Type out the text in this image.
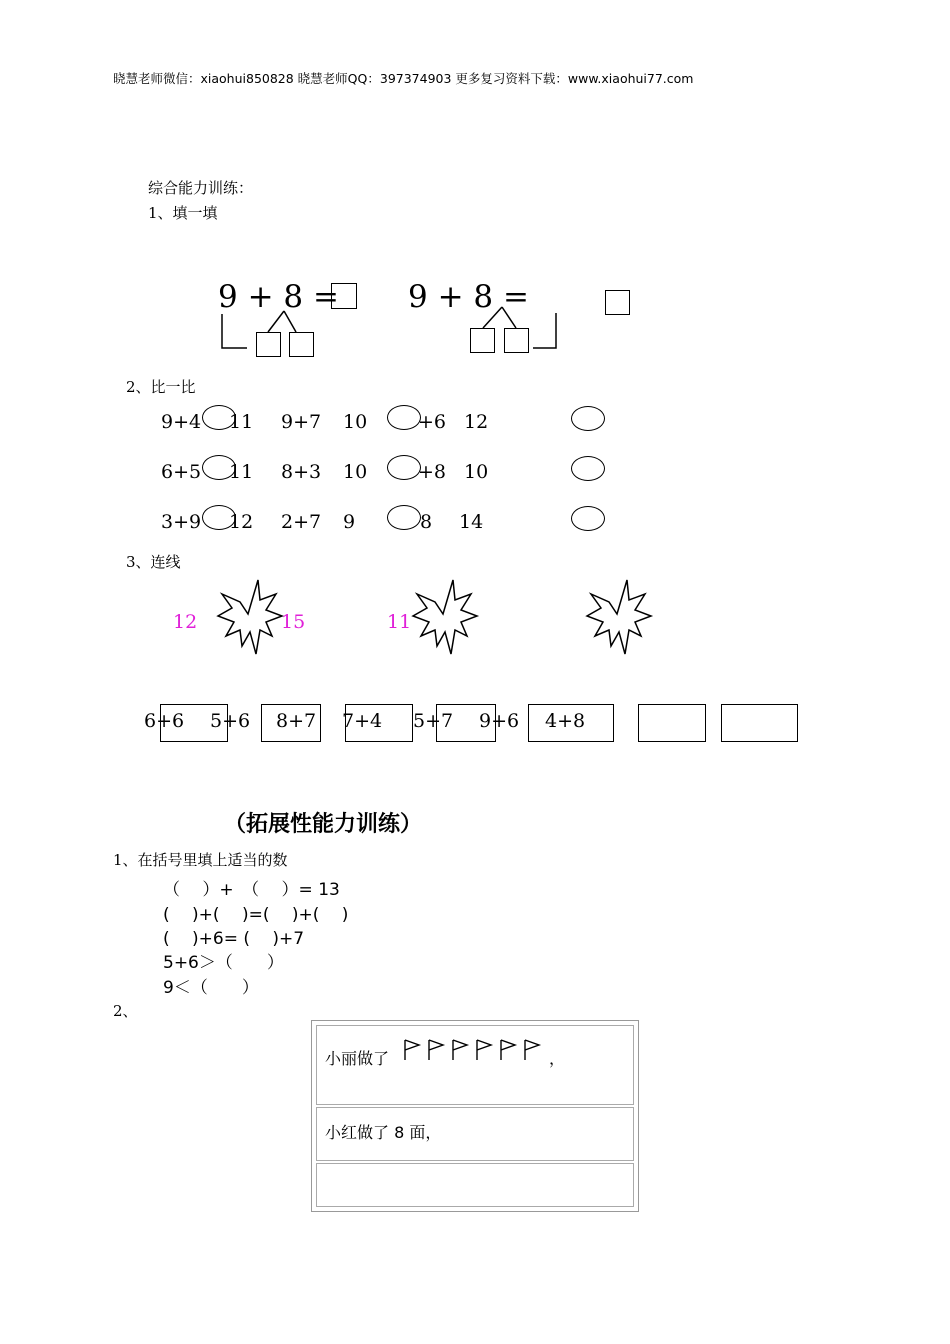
晓慧老师微信：xiaohui850828 晓慧老师QQ：397374903 更多复习资料下载：www.xiaohui77.com
综合能力训练：
1、填一填
9 + 8 = 9 + 8 =
2、比一比
9+4 11 9+7 10	+6 12
6+5 11 8+3 10	+8 10
3+9 12 2+7 9	8 14
3、连线
12	15	11
6+6 5+6 8+7 7+4 5+7 9+6 4+8
（拓展性能力训练）
1、在括号里填上适当的数
（　 ）+　（　 ）= 13
(　 )+(　 )=(　 )+(　 )
(　 )+6= (　 )+7
5+6＞（　　）
9＜（　　）
2、
小丽做了	，
小红做了 8 面，
